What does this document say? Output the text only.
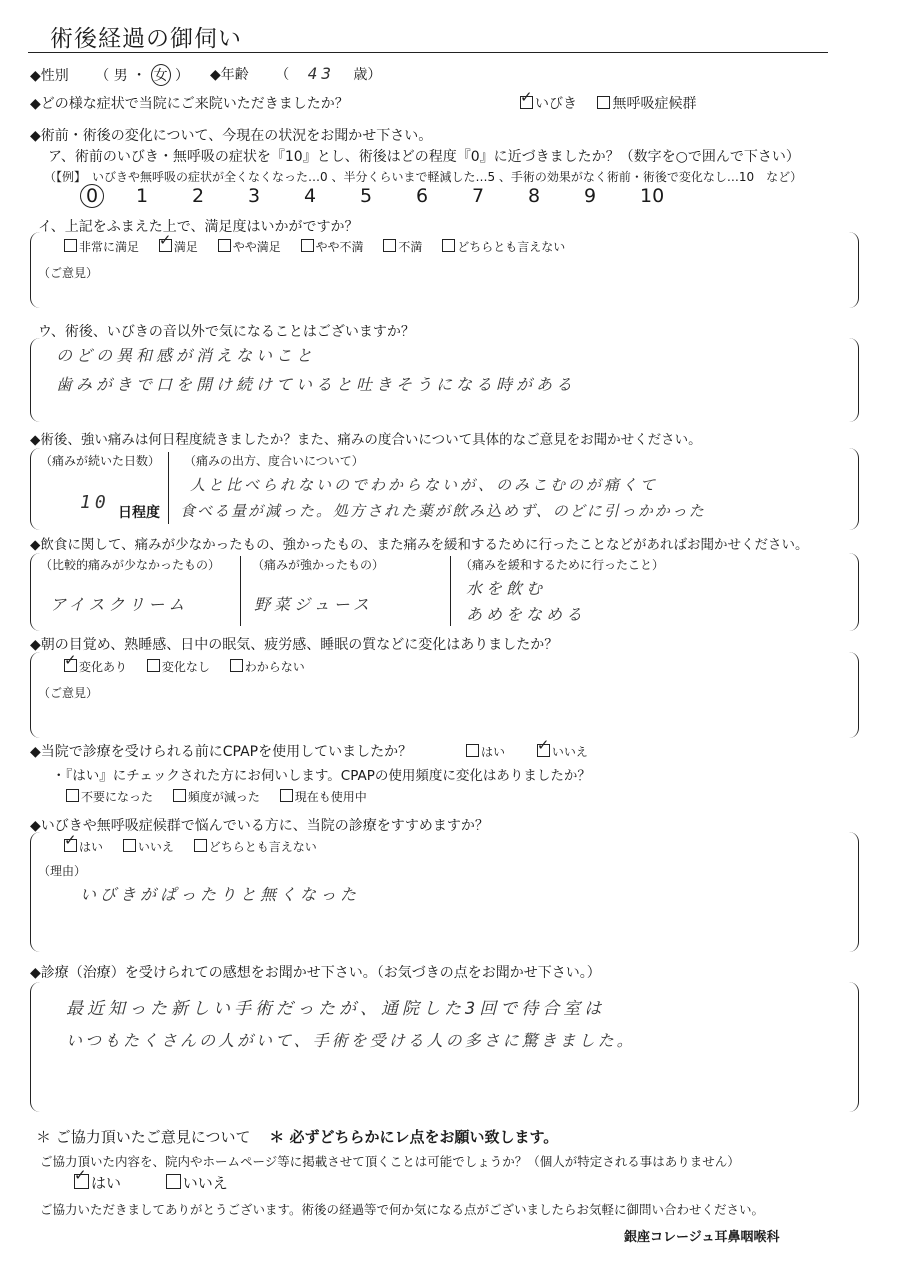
術後経過の御伺い
◆性別 （ 男 ・ 女 ） ◆年齢 （ 43 歳）
◆どの様な症状で当院にご来院いただきましたか？ ✓	いびき	無呼吸症候群
◆術前・術後の変化について、今現在の状況をお聞かせ下さい。
ア、術前のいびき・無呼吸の症状を『10』とし、術後はどの程度『0』に近づきましたか？（数字を○で囲んで下さい）
（【例】　いびきや無呼吸の症状が全くなくなった…0 、半分くらいまで軽減した…5 、手術の効果がなく術前・術後で変化なし…10　など）
0 1 2 3 4 5 6 7 8 9 10
イ、上記をふまえた上で、満足度はいかがですか？
非常に満足 ✓	満足	やや満足	やや不満	不満	どちらとも言えない
（ご意見）
ウ、術後、いびきの音以外で気になることはございますか？
のどの異和感が消えないこと
歯みがきで口を開け続けていると吐きそうになる時がある
◆術後、強い痛みは何日程度続きましたか？また、痛みの度合いについて具体的なご意見をお聞かせください。
（痛みが続いた日数）
10 日程度
（痛みの出方、度合いについて）
人と比べられないのでわからないが、のみこむのが痛くて
食べる量が減った。処方された薬が飲み込めず、のどに引っかかった
◆飲食に関して、痛みが少なかったもの、強かったもの、また痛みを緩和するために行ったことなどがあればお聞かせください。
（比較的痛みが少なかったもの）
アイスクリーム
（痛みが強かったもの）
野菜ジュース
（痛みを緩和するために行ったこと）
水を飲む
あめをなめる
◆朝の目覚め、熟睡感、日中の眠気、疲労感、睡眠の質などに変化はありましたか？
✓変化あり	変化なし	わからない
（ご意見）
◆当院で診療を受けられる前にCPAPを使用していましたか？	はい ✓	いいえ
・『はい』にチェックされた方にお伺いします。CPAPの使用頻度に変化はありましたか？
不要になった	頻度が減った	現在も使用中
◆いびきや無呼吸症候群で悩んでいる方に、当院の診療をすすめますか？
✓はい	いいえ	どちらとも言えない
（理由）
いびきがぱったりと無くなった
◆診療（治療）を受けられての感想をお聞かせ下さい。（お気づきの点をお聞かせ下さい。）
最近知った新しい手術だったが、通院した3回で待合室は
いつもたくさんの人がいて、手術を受ける人の多さに驚きました。
＊ ご協力頂いたご意見について ＊ 必ずどちらかにレ点をお願い致します。
ご協力頂いた内容を、院内やホームページ等に掲載させて頂くことは可能でしょうか？（個人が特定される事はありません）
✓はい	いいえ
ご協力いただきましてありがとうございます。術後の経過等で何か気になる点がございましたらお気軽に御問い合わせください。
銀座コレージュ耳鼻咽喉科
